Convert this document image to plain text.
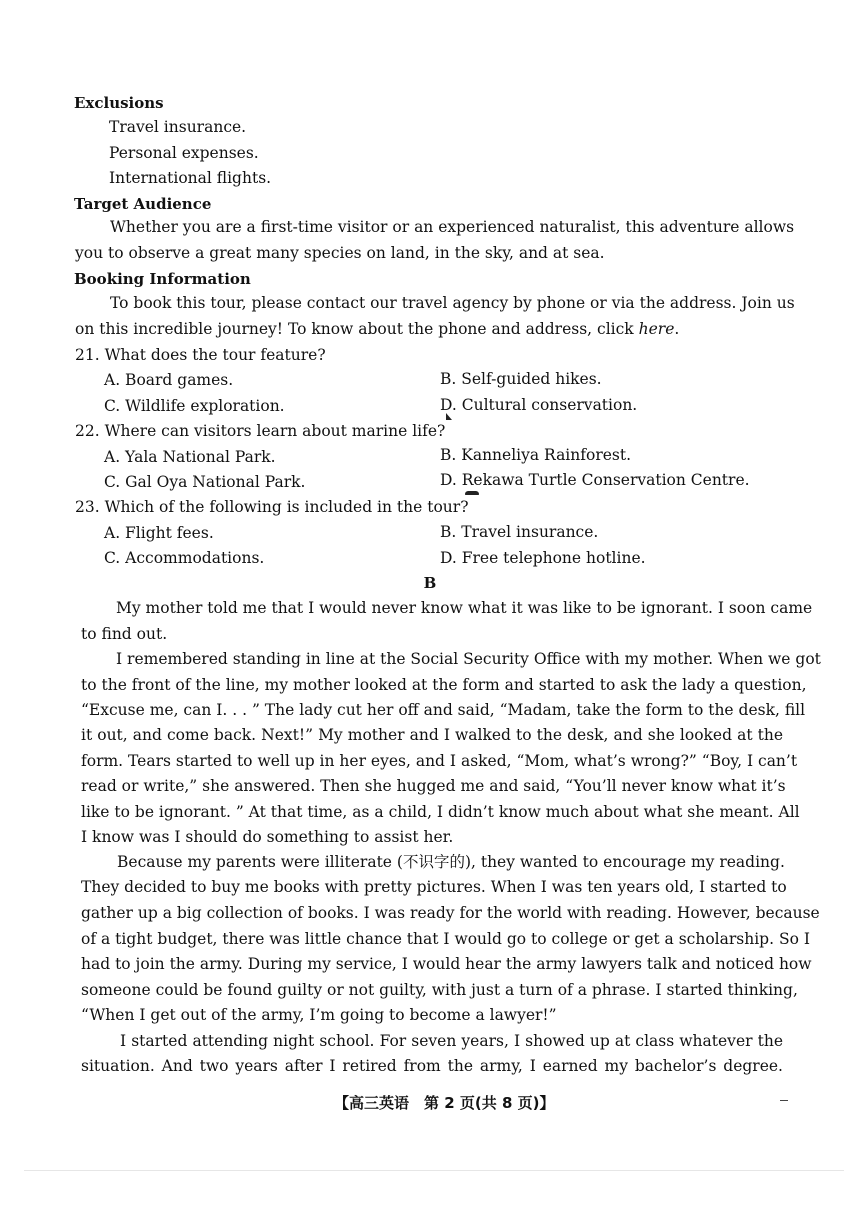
Exclusions
Travel insurance.
Personal expenses.
International flights.
Target Audience
Whether you are a first-time visitor or an experienced naturalist, this adventure allows
you to observe a great many species on land, in the sky, and at sea.
Booking Information
To book this tour, please contact our travel agency by phone or via the address. Join us
on this incredible journey! To know about the phone and address, click here.
21. What does the tour feature?
A. Board games.	B. Self-guided hikes.
C. Wildlife exploration.	D. Cultural conservation.
22. Where can visitors learn about marine life?
A. Yala National Park.	B. Kanneliya Rainforest.
C. Gal Oya National Park.	D. Rekawa Turtle Conservation Centre.
23. Which of the following is included in the tour?
A. Flight fees.	B. Travel insurance.
C. Accommodations.	D. Free telephone hotline.
B
My mother told me that I would never know what it was like to be ignorant. I soon came
to find out.
I remembered standing in line at the Social Security Office with my mother. When we got
to the front of the line, my mother looked at the form and started to ask the lady a question,
“Excuse me, can I. . . ” The lady cut her off and said, “Madam, take the form to the desk, fill
it out, and come back. Next!” My mother and I walked to the desk, and she looked at the
form. Tears started to well up in her eyes, and I asked, “Mom, what’s wrong?” “Boy, I can’t
read or write,” she answered. Then she hugged me and said, “You’ll never know what it’s
like to be ignorant. ” At that time, as a child, I didn’t know much about what she meant. All
I know was I should do something to assist her.
Because my parents were illiterate (不识字的), they wanted to encourage my reading.
They decided to buy me books with pretty pictures. When I was ten years old, I started to
gather up a big collection of books. I was ready for the world with reading. However, because
of a tight budget, there was little chance that I would go to college or get a scholarship. So I
had to join the army. During my service, I would hear the army lawyers talk and noticed how
someone could be found guilty or not guilty, with just a turn of a phrase. I started thinking,
“When I get out of the army, I’m going to become a lawyer!”
I started attending night school. For seven years, I showed up at class whatever the
situation. And two years after I retired from the army, I earned my bachelor’s degree.
【高三英语　第 2 页(共 8 页)】
